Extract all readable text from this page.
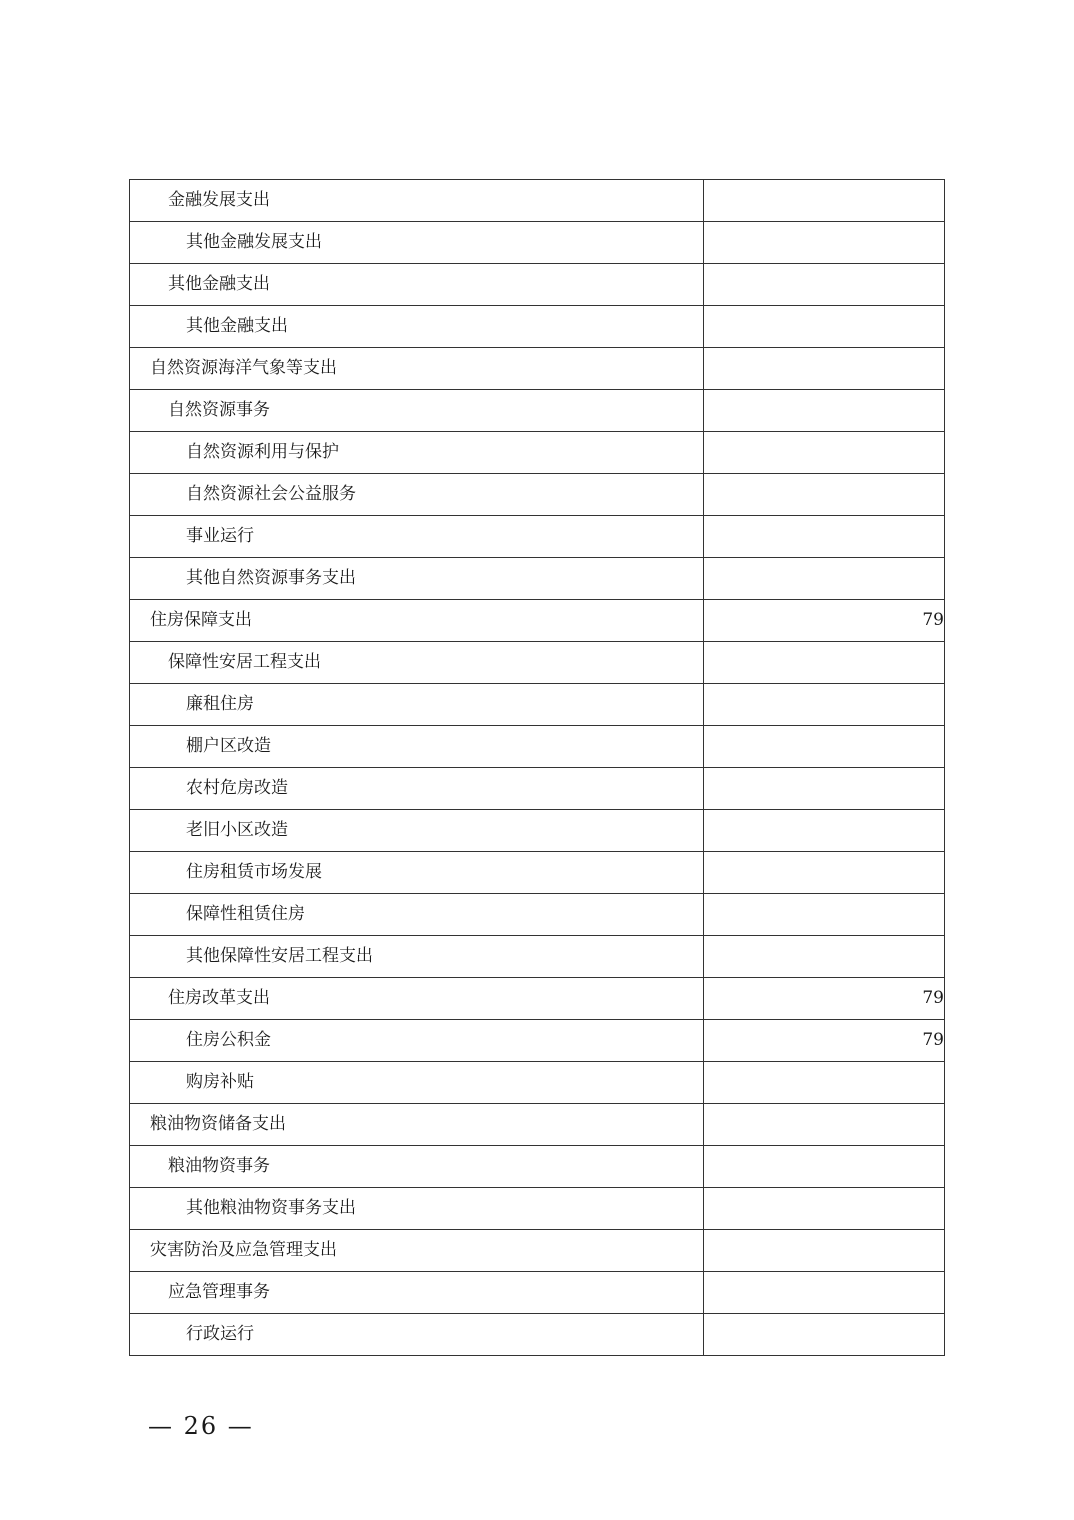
金融发展支出	
其他金融发展支出	
其他金融支出	
其他金融支出	
自然资源海洋气象等支出	
自然资源事务	
自然资源利用与保护	
自然资源社会公益服务	
事业运行	
其他自然资源事务支出	
住房保障支出	79
保障性安居工程支出	
廉租住房	
棚户区改造	
农村危房改造	
老旧小区改造	
住房租赁市场发展	
保障性租赁住房	
其他保障性安居工程支出	
住房改革支出	79
住房公积金	79
购房补贴	
粮油物资储备支出	
粮油物资事务	
其他粮油物资事务支出	
灾害防治及应急管理支出	
应急管理事务	
行政运行	
— 26 —
